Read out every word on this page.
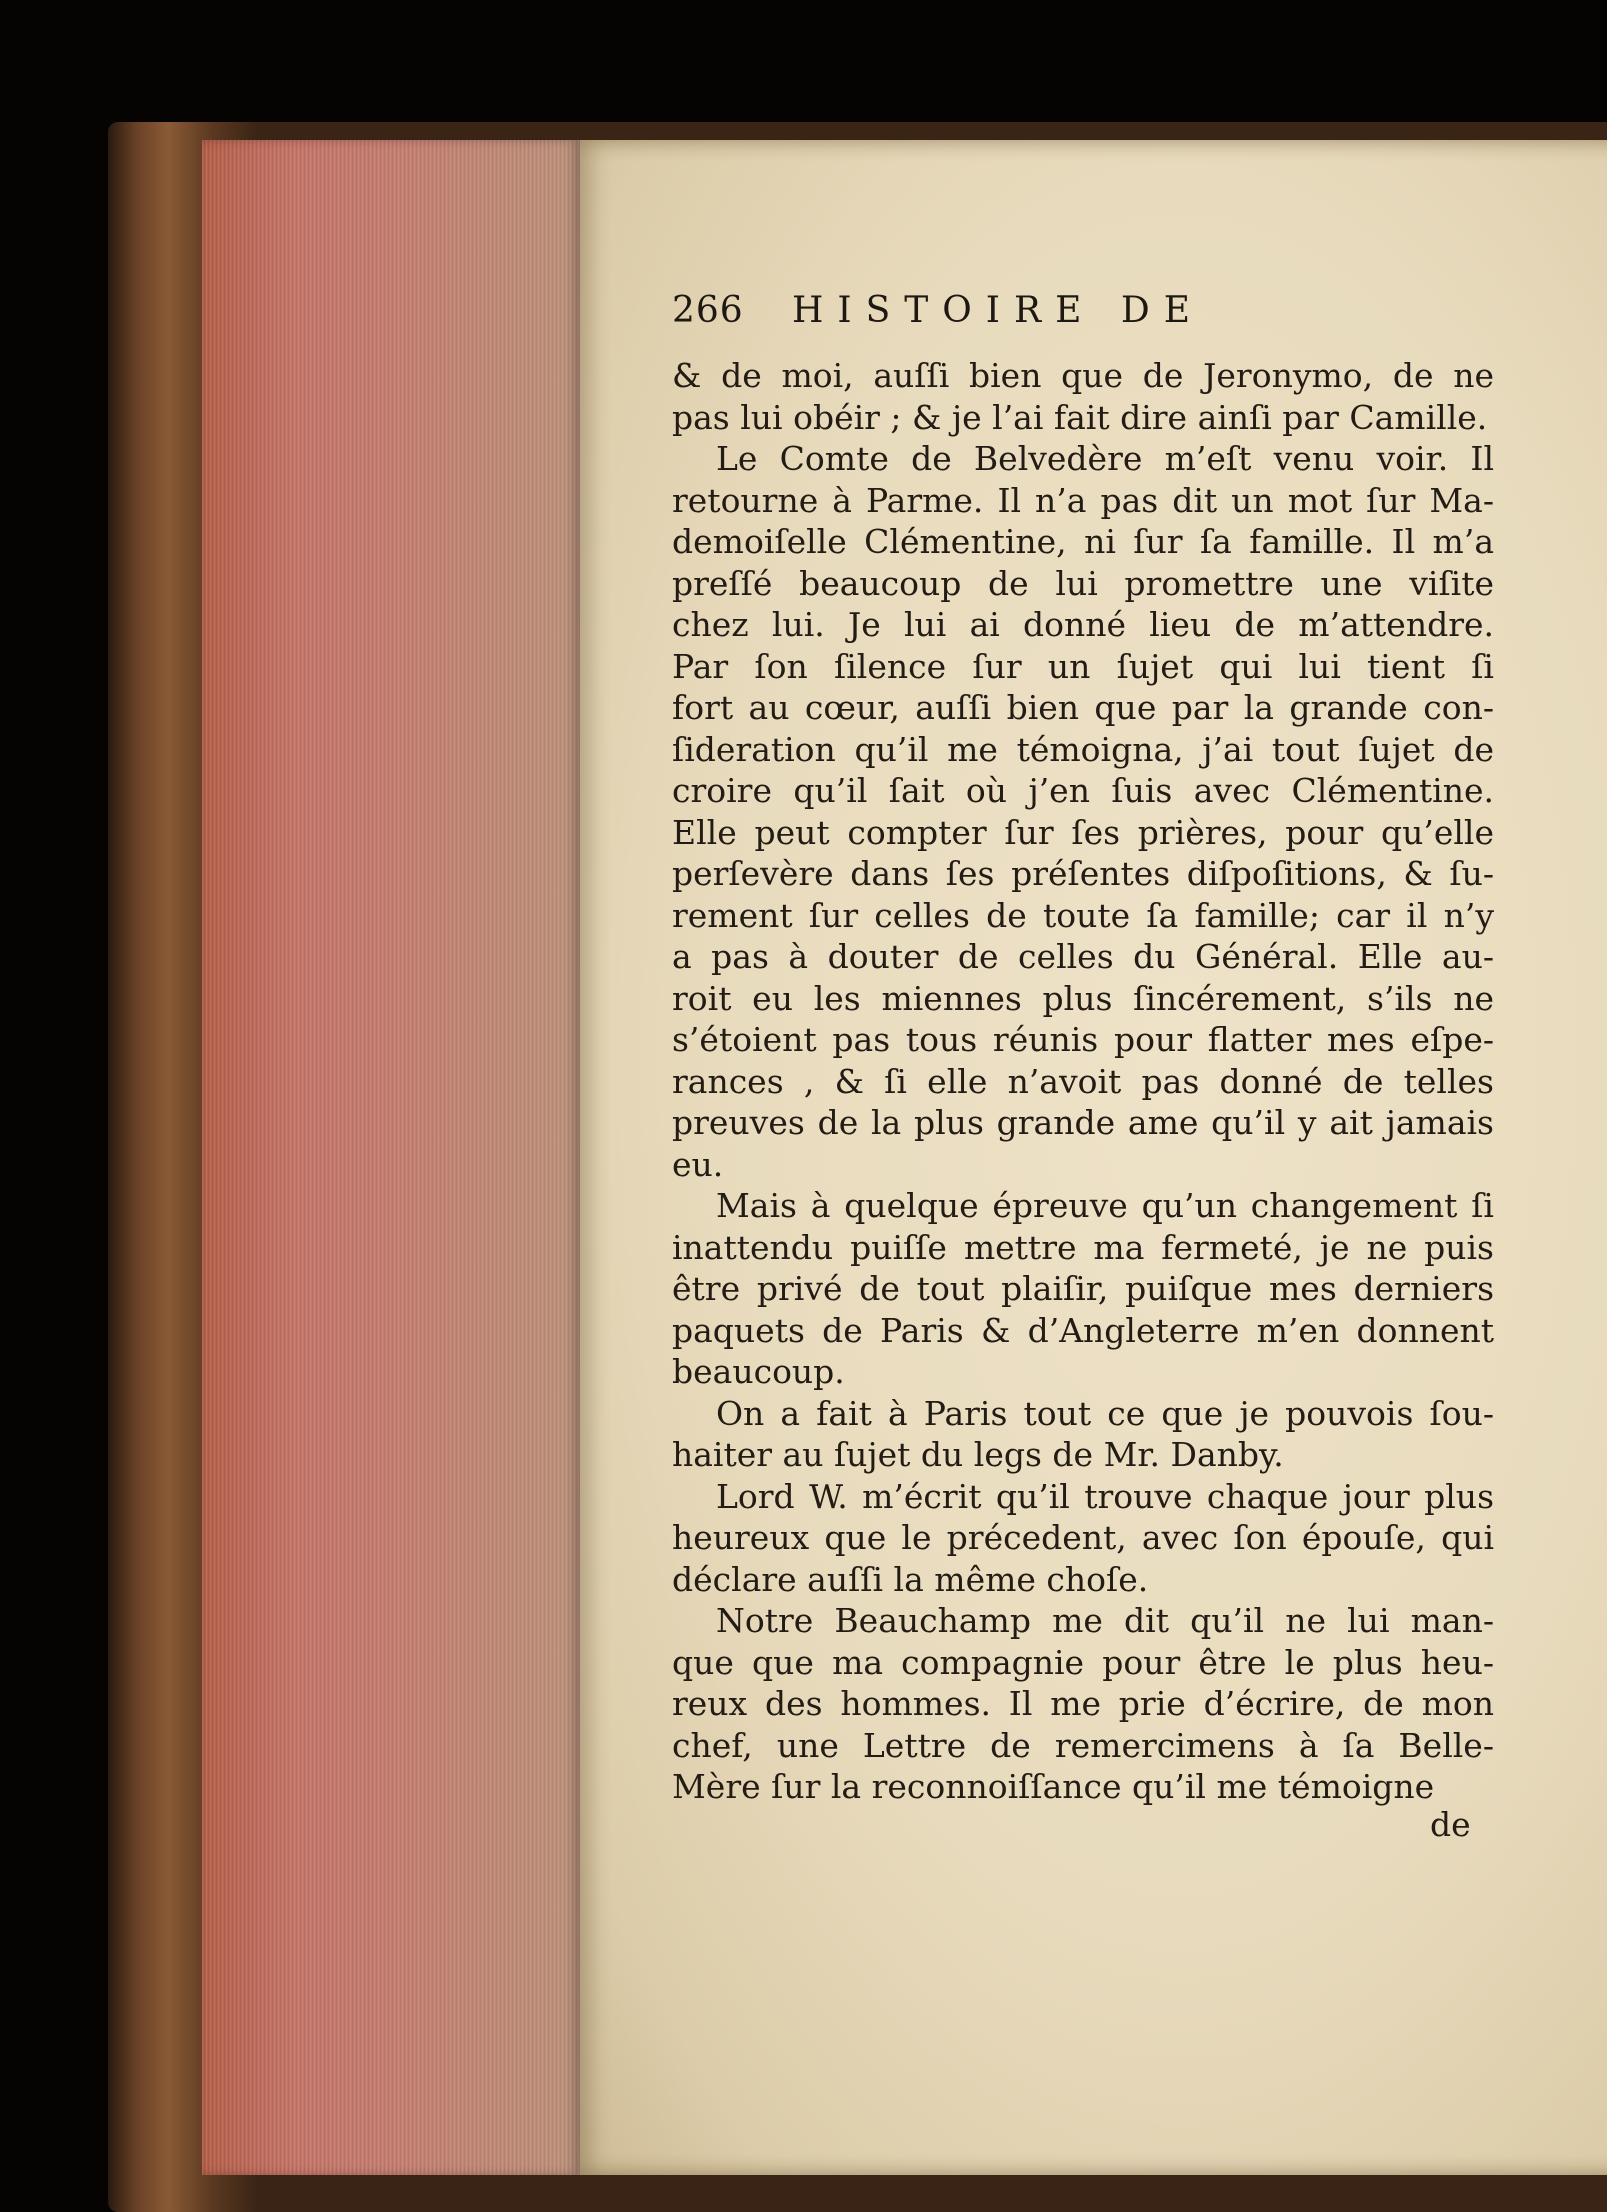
266	HISTOIRE DE
& de moi, auſſi bien que de Jeronymo, de ne
pas lui obéir ; & je l’ai fait dire ainſi par Camille.
Le Comte de Belvedère m’eſt venu voir. Il
retourne à Parme. Il n’a pas dit un mot ſur Ma-
demoiſelle Clémentine, ni ſur ſa famille. Il m’a
preſſé beaucoup de lui promettre une viſite
chez lui. Je lui ai donné lieu de m’attendre.
Par ſon ſilence ſur un ſujet qui lui tient ſi
fort au cœur, auſſi bien que par la grande con-
ſideration qu’il me témoigna, j’ai tout ſujet de
croire qu’il ſait où j’en ſuis avec Clémentine.
Elle peut compter ſur ſes prières, pour qu’elle
perſevère dans ſes préſentes diſpoſitions, & ſu-
rement ſur celles de toute ſa famille; car il n’y
a pas à douter de celles du Général. Elle au-
roit eu les miennes plus ſincérement, s’ils ne
s’étoient pas tous réunis pour flatter mes eſpe-
rances , & ſi elle n’avoit pas donné de telles
preuves de la plus grande ame qu’il y ait jamais eu.
Mais à quelque épreuve qu’un changement ſi
inattendu puiſſe mettre ma fermeté, je ne puis
être privé de tout plaiſir, puiſque mes derniers
paquets de Paris & d’Angleterre m’en donnent
beaucoup.
On a fait à Paris tout ce que je pouvois ſou-
haiter au ſujet du legs de Mr. Danby.
Lord W. m’écrit qu’il trouve chaque jour plus
heureux que le précedent, avec ſon épouſe, qui
déclare auſſi la même choſe.
Notre Beauchamp me dit qu’il ne lui man-
que que ma compagnie pour être le plus heu-
reux des hommes. Il me prie d’écrire, de mon
chef, une Lettre de remercimens à ſa Belle-
Mère ſur la reconnoiſſance qu’il me témoigne
de
